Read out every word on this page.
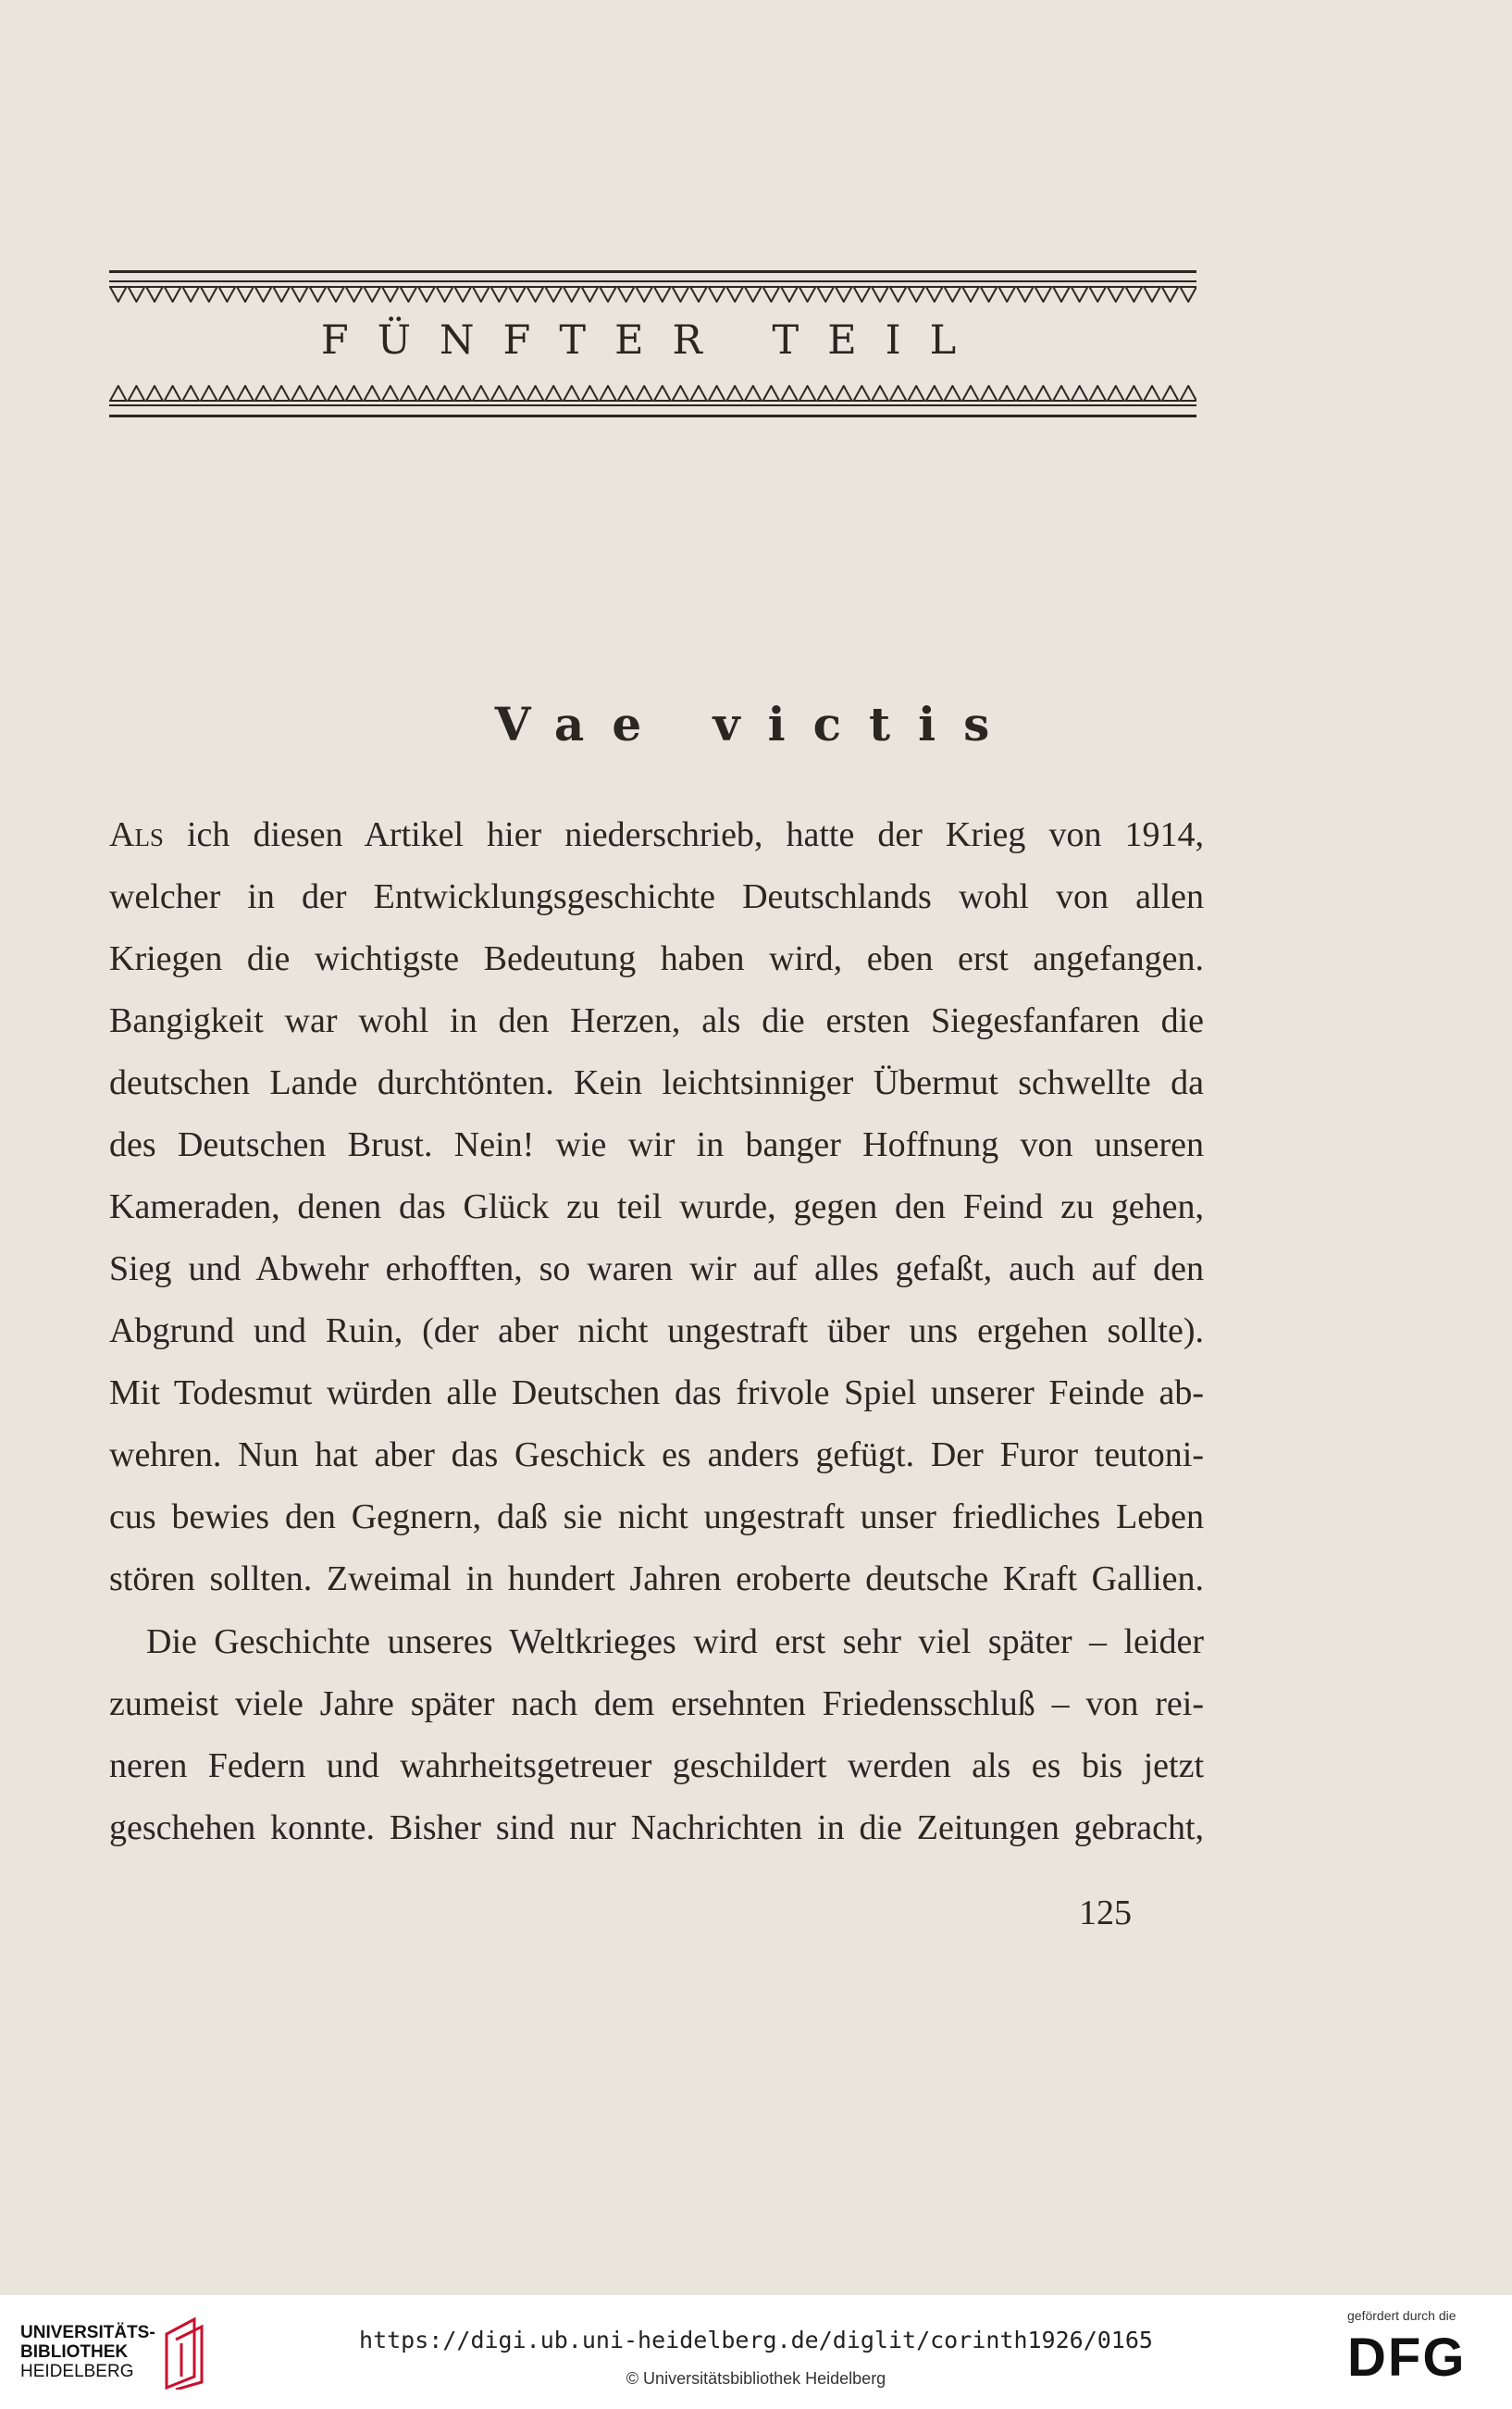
FÜNFTER TEIL
Vae victis
Als ich diesen Artikel hier niederschrieb, hatte der Krieg von 1914,
welcher in der Entwicklungsgeschichte Deutschlands wohl von allen
Kriegen die wichtigste Bedeutung haben wird, eben erst angefangen.
Bangigkeit war wohl in den Herzen, als die ersten Siegesfanfaren die
deutschen Lande durchtönten. Kein leichtsinniger Übermut schwellte da
des Deutschen Brust. Nein! wie wir in banger Hoffnung von unseren
Kameraden, denen das Glück zu teil wurde, gegen den Feind zu gehen,
Sieg und Abwehr erhofften, so waren wir auf alles gefaßt, auch auf den
Abgrund und Ruin, (der aber nicht ungestraft über uns ergehen sollte).
Mit Todesmut würden alle Deutschen das frivole Spiel unserer Feinde ab-
wehren. Nun hat aber das Geschick es anders gefügt. Der Furor teutoni-
cus bewies den Gegnern, daß sie nicht ungestraft unser friedliches Leben
stören sollten. Zweimal in hundert Jahren eroberte deutsche Kraft Gallien.
Die Geschichte unseres Weltkrieges wird erst sehr viel später – leider
zumeist viele Jahre später nach dem ersehnten Friedensschluß – von rei-
neren Federn und wahrheitsgetreuer geschildert werden als es bis jetzt
geschehen konnte. Bisher sind nur Nachrichten in die Zeitungen gebracht,
125
UNIVERSITÄTS-
BIBLIOTHEK
HEIDELBERG
https://digi.ub.uni-heidelberg.de/diglit/corinth1926/0165
© Universitätsbibliothek Heidelberg
gefördert durch die
DFG
